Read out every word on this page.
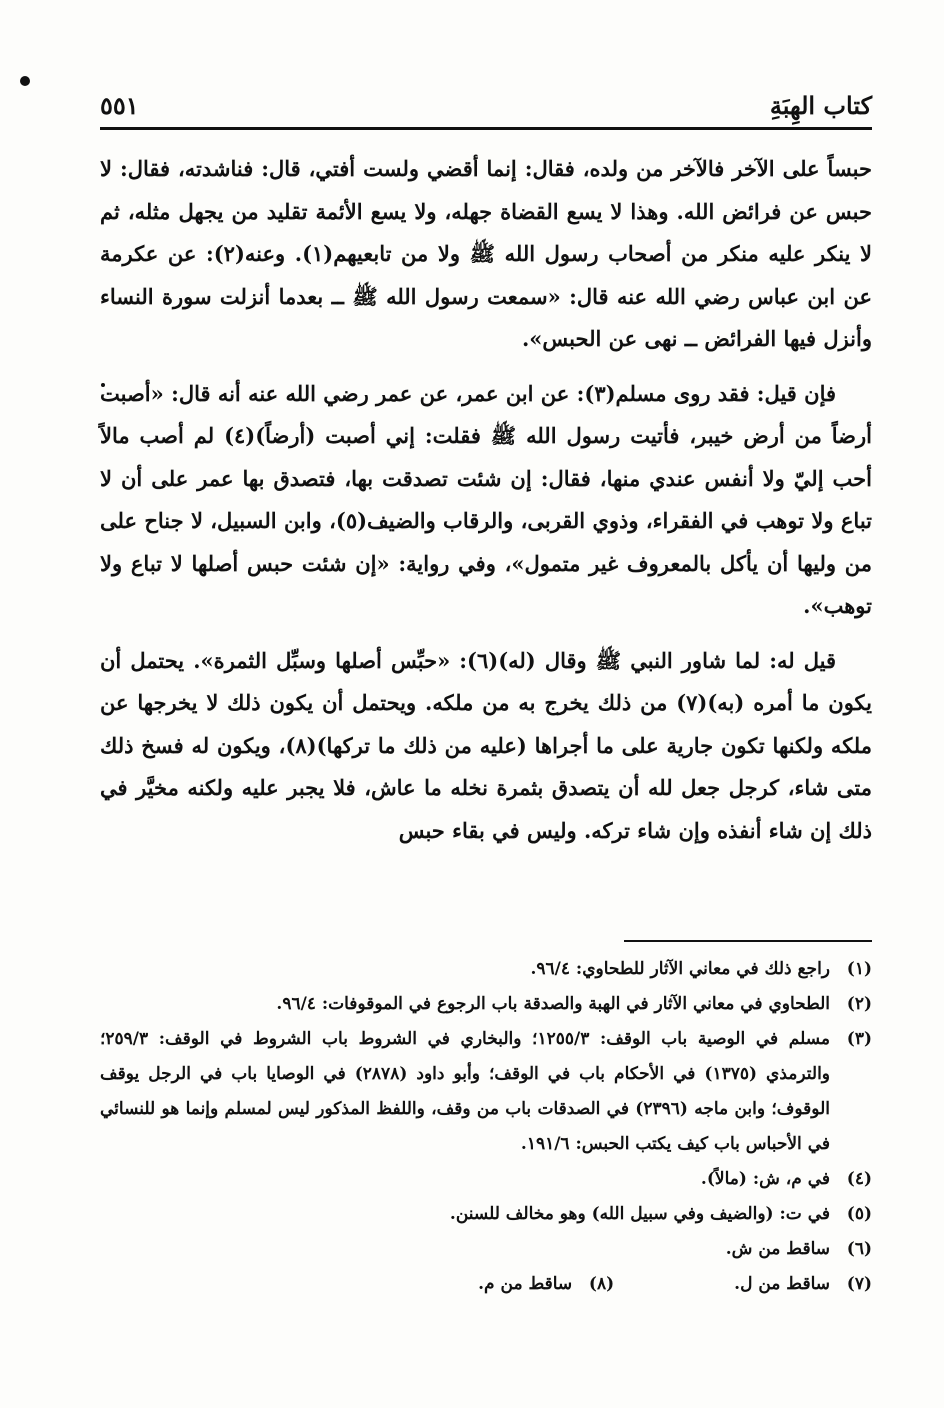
كتاب الهِبَةِ
٥٥١

حبساً على الآخر فالآخر من ولده، فقال: إنما أقضي ولست أفتي، قال: فناشدته، فقال: لا حبس عن فرائض الله. وهذا لا يسع القضاة جهله، ولا يسع الأئمة تقليد من يجهل مثله، ثم لا ينكر عليه منكر من أصحاب رسول الله ﷺ ولا من تابعيهم(١). وعنه(٢): عن عكرمة عن ابن عباس رضي الله عنه قال: «سمعت رسول الله ﷺ ــ بعدما أنزلت سورة النساء وأنزل فيها الفرائض ــ نهى عن الحبس».

فإن قيل: فقد روى مسلم(٣): عن ابن عمر، عن عمر رضي الله عنه أنه قال: «أصبت أرضاً من أرض خيبر، فأتيت رسول الله ﷺ فقلت: إني أصبت (أرضاً)(٤) لم أصب مالاً أحب إليّ ولا أنفس عندي منها، فقال: إن شئت تصدقت بها، فتصدق بها عمر على أن لا تباع ولا توهب في الفقراء، وذوي القربى، والرقاب والضيف(٥)، وابن السبيل، لا جناح على من وليها أن يأكل بالمعروف غير متمول»، وفي رواية: «إن شئت حبس أصلها لا تباع ولا توهب».

قيل له: لما شاور النبي ﷺ وقال (له)(٦): «حبِّس أصلها وسبِّل الثمرة». يحتمل أن يكون ما أمره (به)(٧) من ذلك يخرج به من ملكه. ويحتمل أن يكون ذلك لا يخرجها عن ملكه ولكنها تكون جارية على ما أجراها (عليه من ذلك ما تركها)(٨)، ويكون له فسخ ذلك متى شاء، كرجل جعل لله أن يتصدق بثمرة نخله ما عاش، فلا يجبر عليه ولكنه مخيَّر في ذلك إن شاء أنفذه وإن شاء تركه. وليس في بقاء حبس

(١)
راجع ذلك في معاني الآثار للطحاوي: ٩٦/٤.
(٢)
الطحاوي في معاني الآثار في الهبة والصدقة باب الرجوع في الموقوفات: ٩٦/٤.
(٣)
مسلم في الوصية باب الوقف: ١٢٥٥/٣؛ والبخاري في الشروط باب الشروط في الوقف: ٢٥٩/٣؛ والترمذي (١٣٧٥) في الأحكام باب في الوقف؛ وأبو داود (٢٨٧٨) في الوصايا باب في الرجل يوقف الوقوف؛ وابن ماجه (٢٣٩٦) في الصدقات باب من وقف، واللفظ المذكور ليس لمسلم وإنما هو للنسائي في الأحباس باب كيف يكتب الحبس: ١٩١/٦.
(٤)
في م، ش: (مالاً).
(٥)
في ت: (والضيف وفي سبيل الله) وهو مخالف للسنن.
(٦)
ساقط من ش.
(٧)
ساقط من ل.
(٨)
ساقط من م.
